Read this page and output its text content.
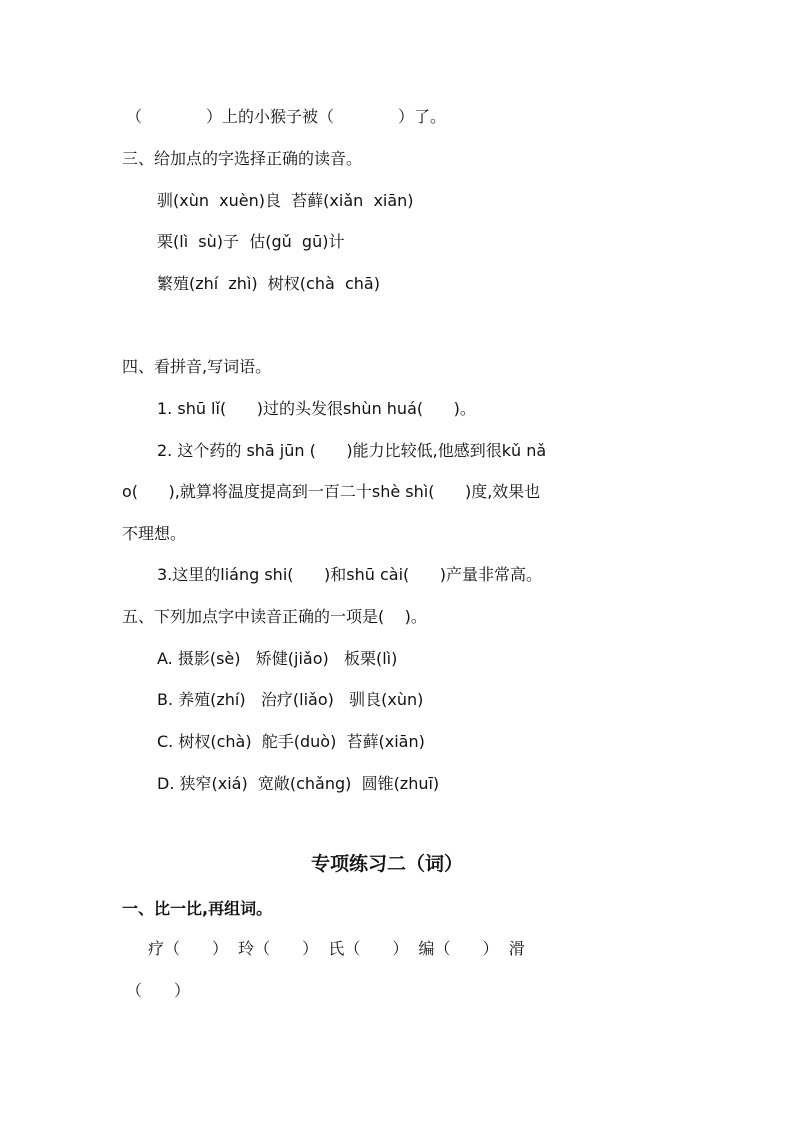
（　　　　）上的小猴子被（　　　　）了。
三、给加点的字选择正确的读音。
驯(xùn  xuèn)良  苔藓(xiǎn  xiān)
栗(lì  sù)子  估(gǔ  gū)计
繁殖(zhí  zhì)  树杈(chà  chā)
四、看拼音,写词语。
1. shū lǐ(      )过的头发很shùn huá(      )。
2. 这个药的 shā jūn (      )能力比较低,他感到很kǔ nǎ
o(      ),就算将温度提高到一百二十shè shì(      )度,效果也
不理想。
3.这里的liáng shi(      )和shū cài(      )产量非常高。
五、下列加点字中读音正确的一项是(    )。
A. 摄影(sè)   矫健(jiǎo)   板栗(lì)
B. 养殖(zhí)   治疗(liǎo)   驯良(xùn)
C. 树杈(chà)  舵手(duò)  苔藓(xiān)
D. 狭窄(xiá)  宽敞(chǎng)  圆锥(zhuī)
专项练习二（词）
一、比一比,再组词。
疗（　　）  玲（　　）  氏（　　）  编（　　）  滑
（　　）
